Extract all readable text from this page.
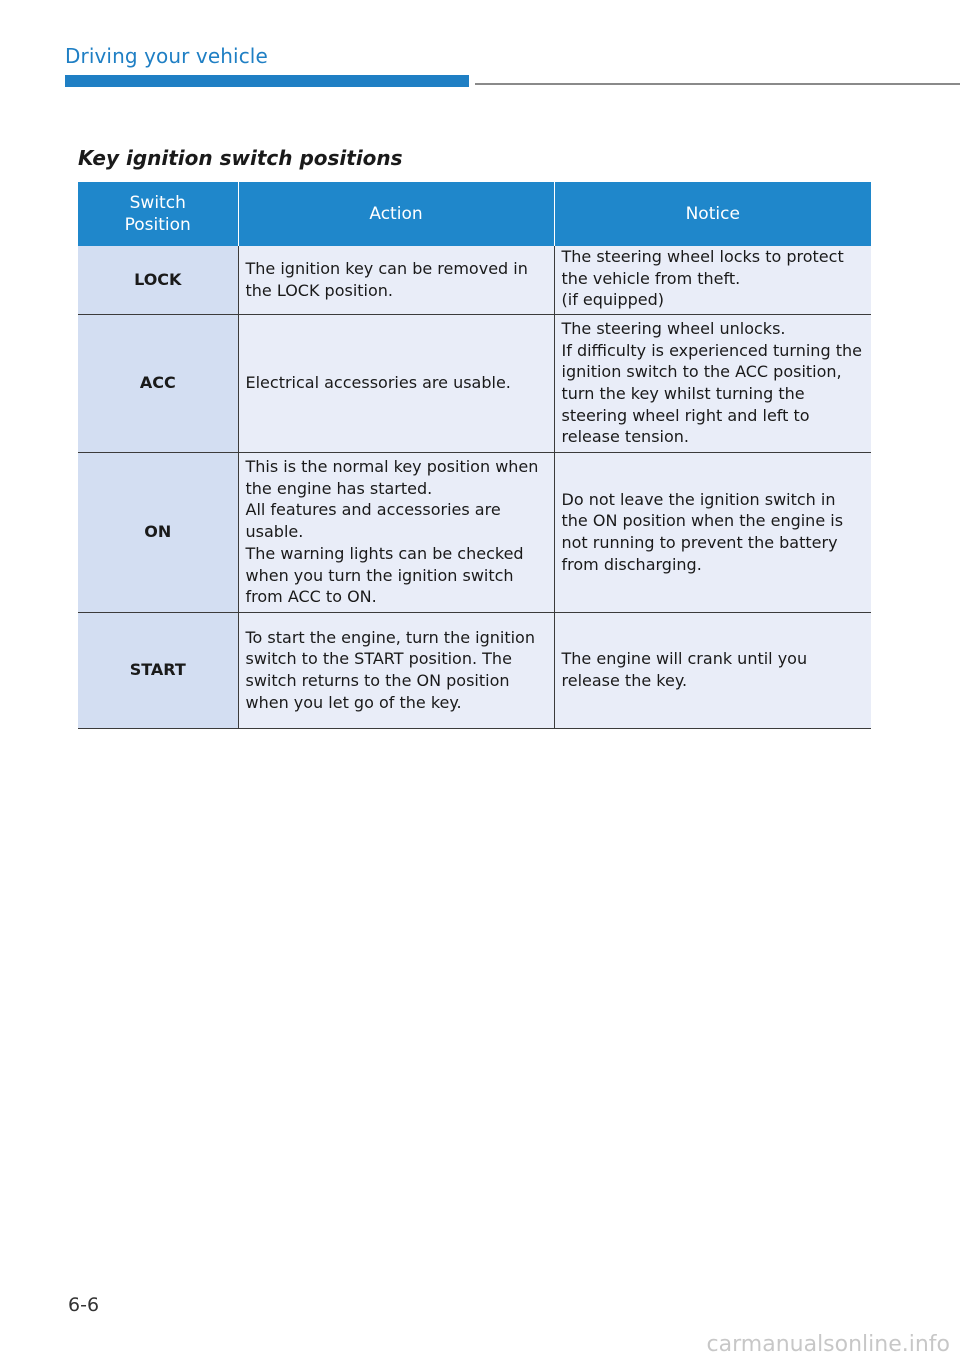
Driving your vehicle
Key ignition switch positions
Switch
Position	Action	Notice
LOCK	The ignition key can be removed in the LOCK position.	The steering wheel locks to protect the vehicle from theft.
(if equipped)
ACC	Electrical accessories are usable.	The steering wheel unlocks.
If difficulty is experienced turning the ignition switch to the ACC position, turn the key whilst turning the steering wheel right and left to release tension.
ON	This is the normal key position when the engine has started.
All features and accessories are usable.
The warning lights can be checked when you turn the ignition switch from ACC to ON.	Do not leave the ignition switch in the ON position when the engine is not running to prevent the battery from discharging.
START	To start the engine, turn the ignition switch to the START position. The switch returns to the ON position when you let go of the key.	The engine will crank until you release the key.
6-6
carmanualsonline.info
